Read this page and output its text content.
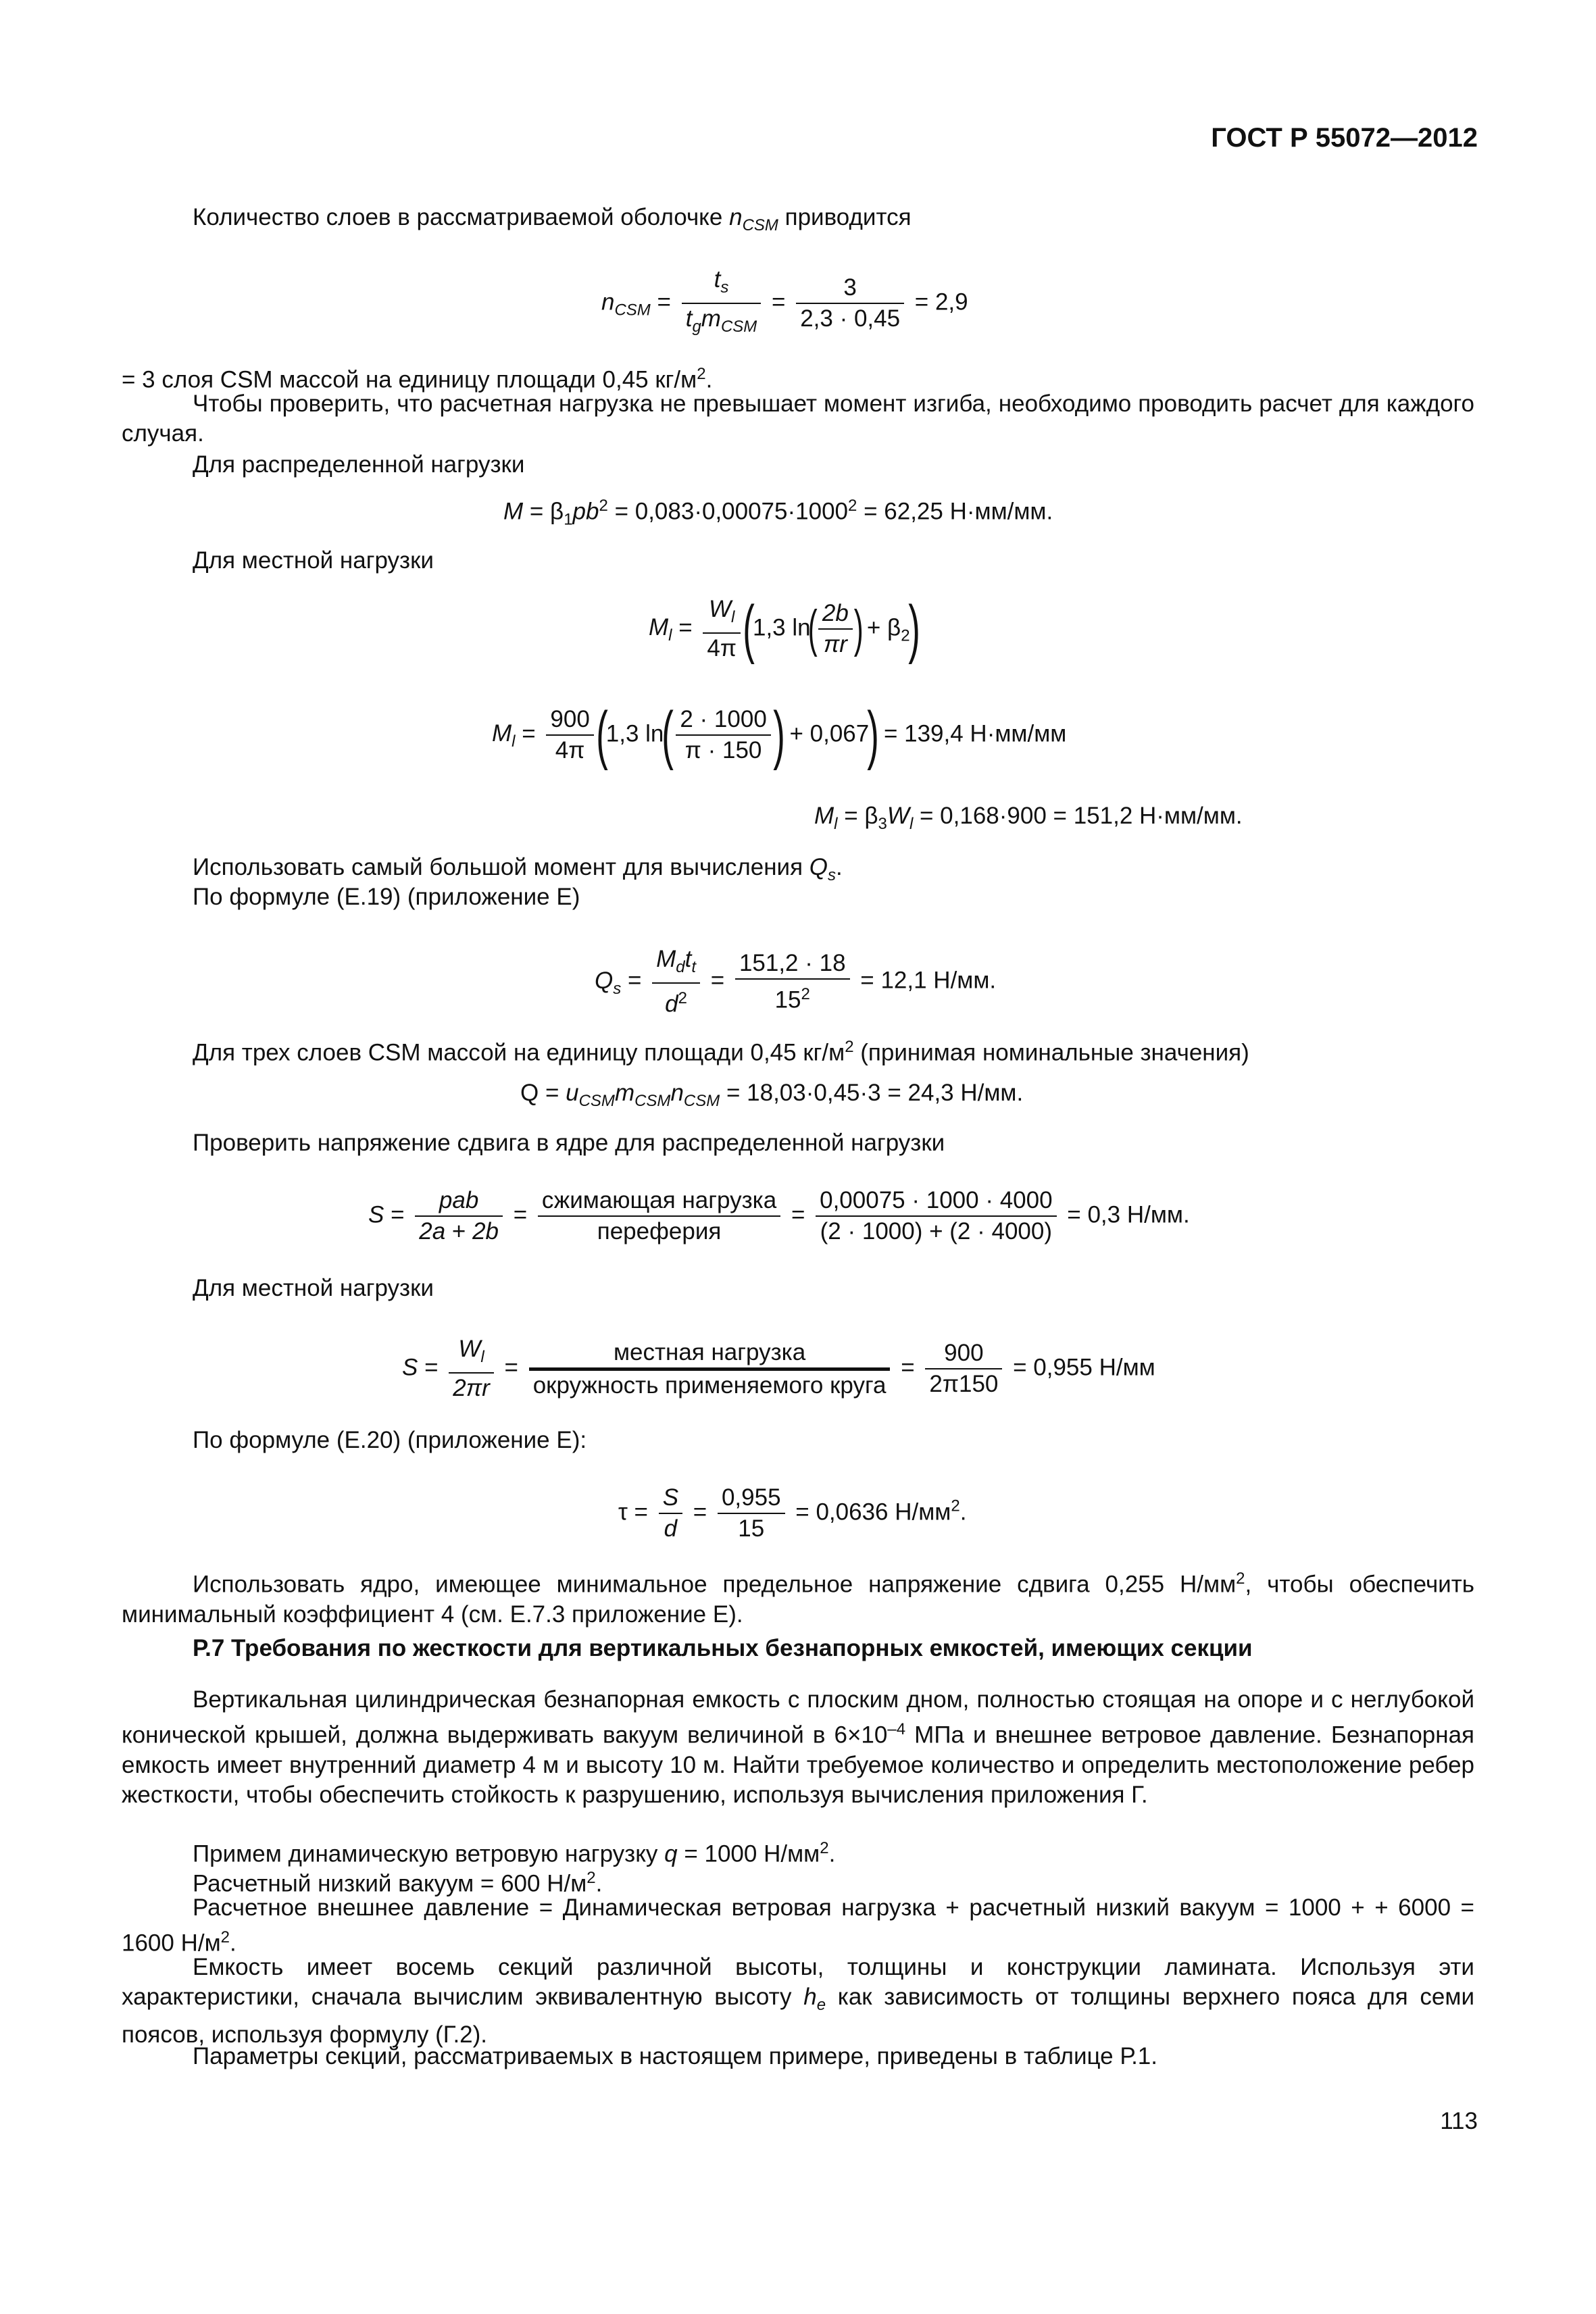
ГОСТ Р 55072—2012
Количество слоев в рассматриваемой оболочке $n_{CSM}$ приводится
$n_{CSM}$ =
$t_s$
$t_gm_{CSM}$
= $\frac{3}{2,3 \cdot 0,45} = 2,9$
= 3 слоя CSM массой на единицу площади 0,45 $кг/м^2$.
Чтобы проверить, что расчетная нагрузка не превышает момент изгиба, необходимо проводить расчет для каждого случая.
Для распределенной нагрузки
$M = \beta_1pb^2 = 0,083\cdot 0,00075\cdot 1000^2 = 62,25$ Н·мм/мм.
Для местной нагрузки
$M_l = \frac{W_l}{4\pi} (1,3$ $\ln( \frac{2b}{\pi r}$ ) + $\beta_2$)
$M_l = \frac{900}{4\pi} (1,3$ $\ln( \frac{2 \cdot 1000}{\pi \cdot 150}$ ) + 0,067) = 139,4 Н·мм/мм
$M_l = \beta_3W_l = 0,168\cdot 900 = 151,2$ Н·мм/мм.
Использовать самый большой момент для вычисления $Q_s$.
По формуле (Е.19) (приложение Е)
$Q_s$ =
$M_dt_t$
$d^2$
= $\frac{151,2 \cdot 18}{15^2} = 12,1$ Н/мм.
Для трех слоев CSM массой на единицу площади 0,45 $кг/м^2$ (принимая номинальные значения)
$Q = u_{CSM}m_{CSM}n_{CSM} = 18,03\cdot 0,45\cdot 3 = 24,3$ Н/мм.
Проверить напряжение сдвига в ядре для распределенной нагрузки
S =
pab
2a + 2b
=
сжимающая нагрузка
переферия
= $\frac{0,00075 \cdot 1000 \cdot 4000}{(2 \cdot 1000) + (2 \cdot 4000)} = 0,3$ Н/мм.
Для местной нагрузки
$S = \frac{W_l}{2\pi r}$ =
местная нагрузка
окружность применяемого круга
= $\frac{900}{2\pi 150} = 0,955$ Н/мм
По формуле (Е.20) (приложение Е):
$\tau = \frac{S}{d} = \frac{0,955}{15} = 0,0636$ $Н/мм^2$.
Использовать ядро, имеющее минимальное предельное напряжение сдвига 0,255 $Н/мм^2$, чтобы обеспечить минимальный коэффициент 4 (см. Е.7.3 приложение Е).
Р.7 Требования по жесткости для вертикальных безнапорных емкостей, имеющих секции
Вертикальная цилиндрическая безнапорная емкость с плоским дном, полностью стоящая на опоре и с неглубокой конической крышей, должна выдерживать вакуум величиной в $6\times 10^{-4}$ МПа и внешнее ветровое давление. Безнапорная емкость имеет внутренний диаметр 4 м и высоту 10 м. Найти требуемое количество и определить местоположение ребер жесткости, чтобы обеспечить стойкость к разрушению, используя вычисления приложения Г.
Примем динамическую ветровую нагрузку q = 1000 $Н/мм^2$.
Расчетный низкий вакуум = 600 $Н/м^2$.
Расчетное внешнее давление = Динамическая ветровая нагрузка + расчетный низкий вакуум = 1000 + + 6000 = 1600 $Н/м^2$.
Емкость имеет восемь секций различной высоты, толщины и конструкции ламината. Используя эти характеристики, сначала вычислим эквивалентную высоту $h_e$ как зависимость от толщины верхнего пояса для семи поясов, используя формулу (Г.2).
Параметры секций, рассматриваемых в настоящем примере, приведены в таблице Р.1.
113
